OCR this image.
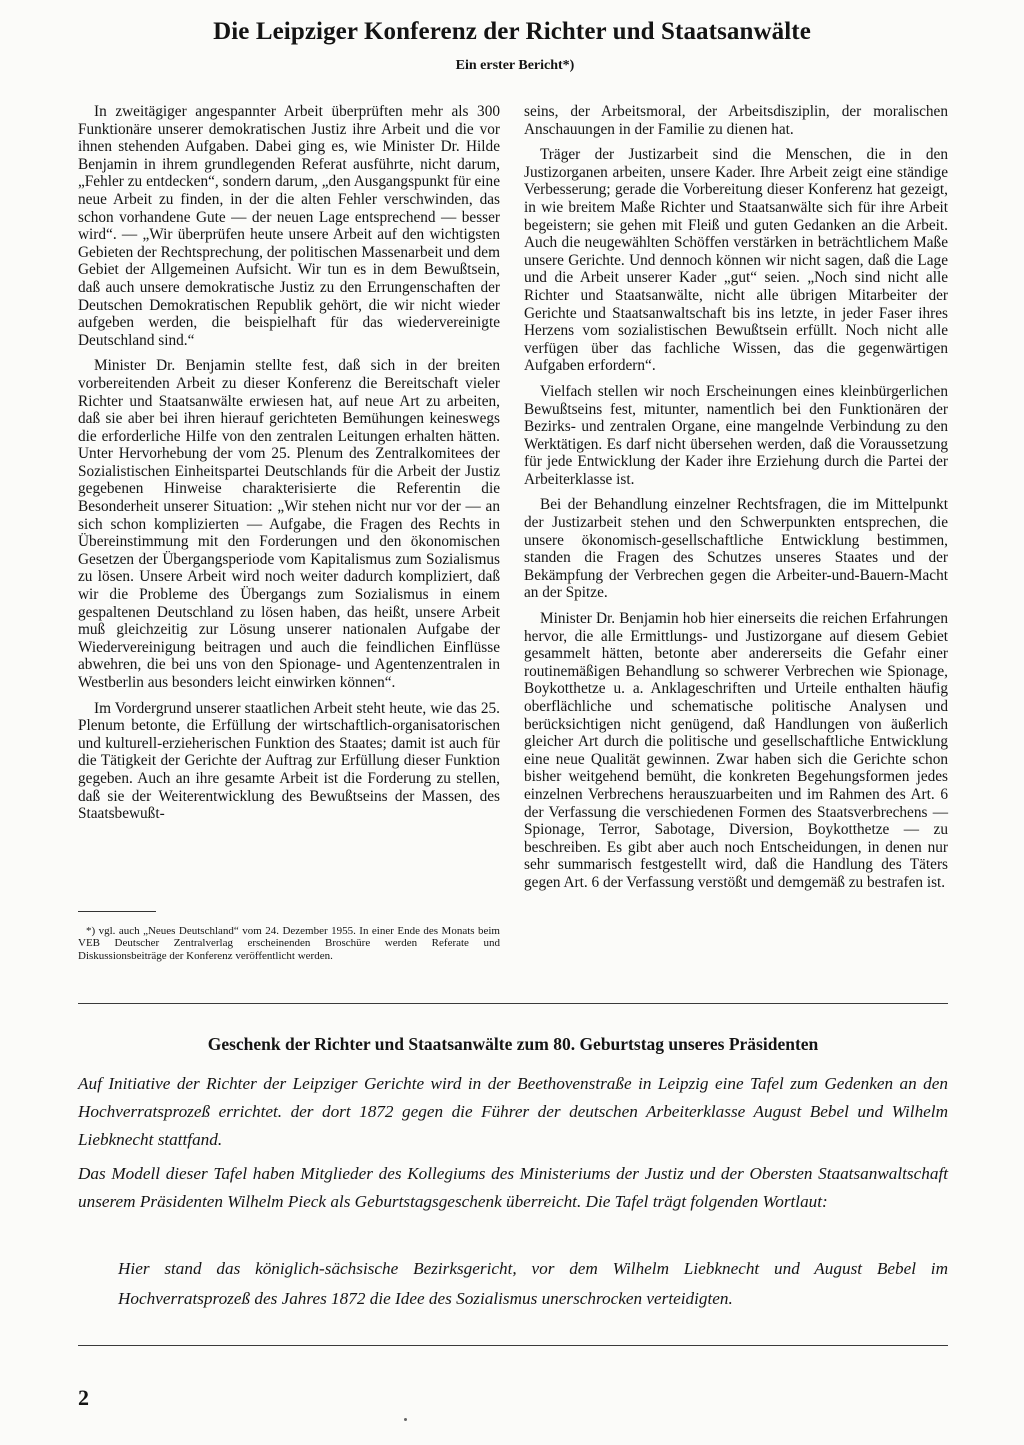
Die Leipziger Konferenz der Richter und Staatsanwälte
Ein erster Bericht*)

In zweitägiger angespannter Arbeit überprüften mehr als 300 Funktionäre unserer demokratischen Justiz ihre Arbeit und die vor ihnen stehenden Aufgaben. Dabei ging es, wie Minister Dr. Hilde Benjamin in ihrem grundlegenden Referat ausführte, nicht darum, „Fehler zu entdecken“, sondern darum, „den Ausgangspunkt für eine neue Arbeit zu finden, in der die alten Fehler verschwinden, das schon vorhandene Gute — der neuen Lage entsprechend — besser wird“. — „Wir überprüfen heute unsere Arbeit auf den wichtigsten Gebieten der Rechtsprechung, der politischen Massenarbeit und dem Gebiet der Allgemeinen Aufsicht. Wir tun es in dem Bewußtsein, daß auch unsere demokratische Justiz zu den Errungenschaften der Deutschen Demokratischen Republik gehört, die wir nicht wieder aufgeben werden, die beispielhaft für das wiedervereinigte Deutschland sind.“

Minister Dr. Benjamin stellte fest, daß sich in der breiten vorbereitenden Arbeit zu dieser Konferenz die Bereitschaft vieler Richter und Staatsanwälte erwiesen hat, auf neue Art zu arbeiten, daß sie aber bei ihren hierauf gerichteten Bemühungen keineswegs die erforderliche Hilfe von den zentralen Leitungen erhalten hätten. Unter Hervorhebung der vom 25. Plenum des Zentralkomitees der Sozialistischen Einheitspartei Deutschlands für die Arbeit der Justiz gegebenen Hinweise charakterisierte die Referentin die Besonderheit unserer Situation: „Wir stehen nicht nur vor der — an sich schon komplizierten — Aufgabe, die Fragen des Rechts in Übereinstimmung mit den Forderungen und den ökonomischen Gesetzen der Übergangsperiode vom Kapitalismus zum Sozialismus zu lösen. Unsere Arbeit wird noch weiter dadurch kompliziert, daß wir die Probleme des Übergangs zum Sozialismus in einem gespaltenen Deutschland zu lösen haben, das heißt, unsere Arbeit muß gleichzeitig zur Lösung unserer nationalen Aufgabe der Wiedervereinigung beitragen und auch die feindlichen Einflüsse abwehren, die bei uns von den Spionage- und Agentenzentralen in Westberlin aus besonders leicht einwirken können“.

Im Vordergrund unserer staatlichen Arbeit steht heute, wie das 25. Plenum betonte, die Erfüllung der wirtschaftlich-organisatorischen und kulturell-erzieherischen Funktion des Staates; damit ist auch für die Tätigkeit der Gerichte der Auftrag zur Erfüllung dieser Funktion gegeben. Auch an ihre gesamte Arbeit ist die Forderung zu stellen, daß sie der Weiterentwicklung des Bewußtseins der Massen, des Staatsbewußt-

*) vgl. auch „Neues Deutschland“ vom 24. Dezember 1955. In einer Ende des Monats beim VEB Deutscher Zentralverlag erscheinenden Broschüre werden Referate und Diskussionsbeiträge der Konferenz veröffentlicht werden.

seins, der Arbeitsmoral, der Arbeitsdisziplin, der moralischen Anschauungen in der Familie zu dienen hat.

Träger der Justizarbeit sind die Menschen, die in den Justizorganen arbeiten, unsere Kader. Ihre Arbeit zeigt eine ständige Verbesserung; gerade die Vorbereitung dieser Konferenz hat gezeigt, in wie breitem Maße Richter und Staatsanwälte sich für ihre Arbeit begeistern; sie gehen mit Fleiß und guten Gedanken an die Arbeit. Auch die neugewählten Schöffen verstärken in beträchtlichem Maße unsere Gerichte. Und dennoch können wir nicht sagen, daß die Lage und die Arbeit unserer Kader „gut“ seien. „Noch sind nicht alle Richter und Staatsanwälte, nicht alle übrigen Mitarbeiter der Gerichte und Staatsanwaltschaft bis ins letzte, in jeder Faser ihres Herzens vom sozialistischen Bewußtsein erfüllt. Noch nicht alle verfügen über das fachliche Wissen, das die gegenwärtigen Aufgaben erfordern“.

Vielfach stellen wir noch Erscheinungen eines kleinbürgerlichen Bewußtseins fest, mitunter, namentlich bei den Funktionären der Bezirks- und zentralen Organe, eine mangelnde Verbindung zu den Werktätigen. Es darf nicht übersehen werden, daß die Voraussetzung für jede Entwicklung der Kader ihre Erziehung durch die Partei der Arbeiterklasse ist.

Bei der Behandlung einzelner Rechtsfragen, die im Mittelpunkt der Justizarbeit stehen und den Schwerpunkten entsprechen, die unsere ökonomisch-gesellschaftliche Entwicklung bestimmen, standen die Fragen des Schutzes unseres Staates und der Bekämpfung der Verbrechen gegen die Arbeiter-und-Bauern-Macht an der Spitze.

Minister Dr. Benjamin hob hier einerseits die reichen Erfahrungen hervor, die alle Ermittlungs- und Justizorgane auf diesem Gebiet gesammelt hätten, betonte aber andererseits die Gefahr einer routinemäßigen Behandlung so schwerer Verbrechen wie Spionage, Boykotthetze u. a. Anklageschriften und Urteile enthalten häufig oberflächliche und schematische politische Analysen und berücksichtigen nicht genügend, daß Handlungen von äußerlich gleicher Art durch die politische und gesellschaftliche Entwicklung eine neue Qualität gewinnen. Zwar haben sich die Gerichte schon bisher weitgehend bemüht, die konkreten Begehungsformen jedes einzelnen Verbrechens herauszuarbeiten und im Rahmen des Art. 6 der Verfassung die verschiedenen Formen des Staatsverbrechens — Spionage, Terror, Sabotage, Diversion, Boykotthetze — zu beschreiben. Es gibt aber auch noch Entscheidungen, in denen nur sehr summarisch festgestellt wird, daß die Handlung des Täters gegen Art. 6 der Verfassung verstößt und demgemäß zu bestrafen ist.

Geschenk der Richter und Staatsanwälte zum 80. Geburtstag unseres Präsidenten

Auf Initiative der Richter der Leipziger Gerichte wird in der Beethovenstraße in Leipzig eine Tafel zum Gedenken an den Hochverratsprozeß errichtet. der dort 1872 gegen die Führer der deutschen Arbeiterklasse August Bebel und Wilhelm Liebknecht stattfand.

Das Modell dieser Tafel haben Mitglieder des Kollegiums des Ministeriums der Justiz und der Obersten Staatsanwaltschaft unserem Präsidenten Wilhelm Pieck als Geburtstagsgeschenk überreicht. Die Tafel trägt folgenden Wortlaut:

Hier stand das königlich-sächsische Bezirksgericht, vor dem Wilhelm Liebknecht und August Bebel im Hochverratsprozeß des Jahres 1872 die Idee des Sozialismus unerschrocken verteidigten.
2
